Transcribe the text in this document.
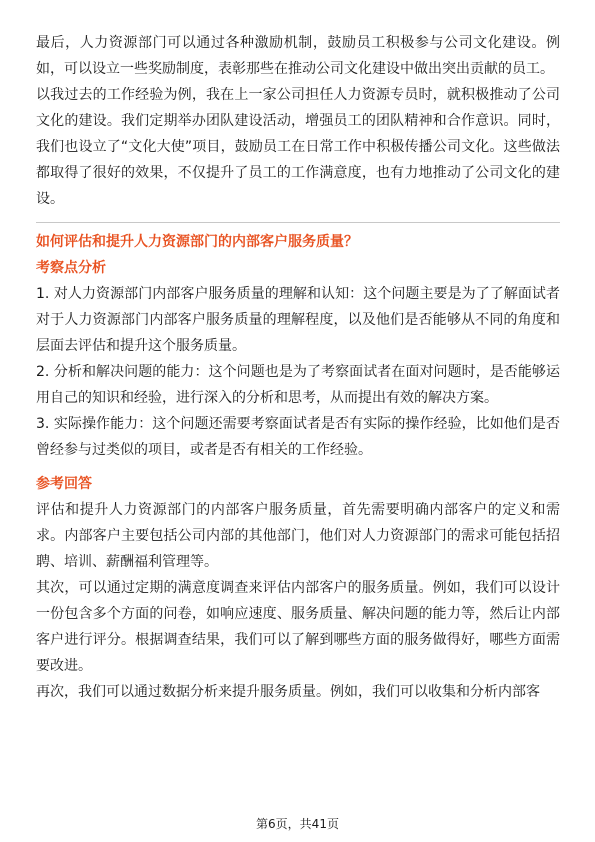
最后，人力资源部门可以通过各种激励机制，鼓励员工积极参与公司文化建设。例如，可以设立一些奖励制度，表彰那些在推动公司文化建设中做出突出贡献的员工。

以我过去的工作经验为例，我在上一家公司担任人力资源专员时，就积极推动了公司文化的建设。我们定期举办团队建设活动，增强员工的团队精神和合作意识。同时，我们也设立了“文化大使”项目，鼓励员工在日常工作中积极传播公司文化。这些做法都取得了很好的效果，不仅提升了员工的工作满意度，也有力地推动了公司文化的建设。

如何评估和提升人力资源部门的内部客户服务质量？
考察点分析

1. 对人力资源部门内部客户服务质量的理解和认知：这个问题主要是为了了解面试者对于人力资源部门内部客户服务质量的理解程度，以及他们是否能够从不同的角度和层面去评估和提升这个服务质量。

2. 分析和解决问题的能力：这个问题也是为了考察面试者在面对问题时，是否能够运用自己的知识和经验，进行深入的分析和思考，从而提出有效的解决方案。

3. 实际操作能力：这个问题还需要考察面试者是否有实际的操作经验，比如他们是否曾经参与过类似的项目，或者是否有相关的工作经验。

参考回答

评估和提升人力资源部门的内部客户服务质量，首先需要明确内部客户的定义和需求。内部客户主要包括公司内部的其他部门，他们对人力资源部门的需求可能包括招聘、培训、薪酬福利管理等。

其次，可以通过定期的满意度调查来评估内部客户的服务质量。例如，我们可以设计一份包含多个方面的问卷，如响应速度、服务质量、解决问题的能力等，然后让内部客户进行评分。根据调查结果，我们可以了解到哪些方面的服务做得好，哪些方面需要改进。

再次，我们可以通过数据分析来提升服务质量。例如，我们可以收集和分析内部客

第6页，共41页
